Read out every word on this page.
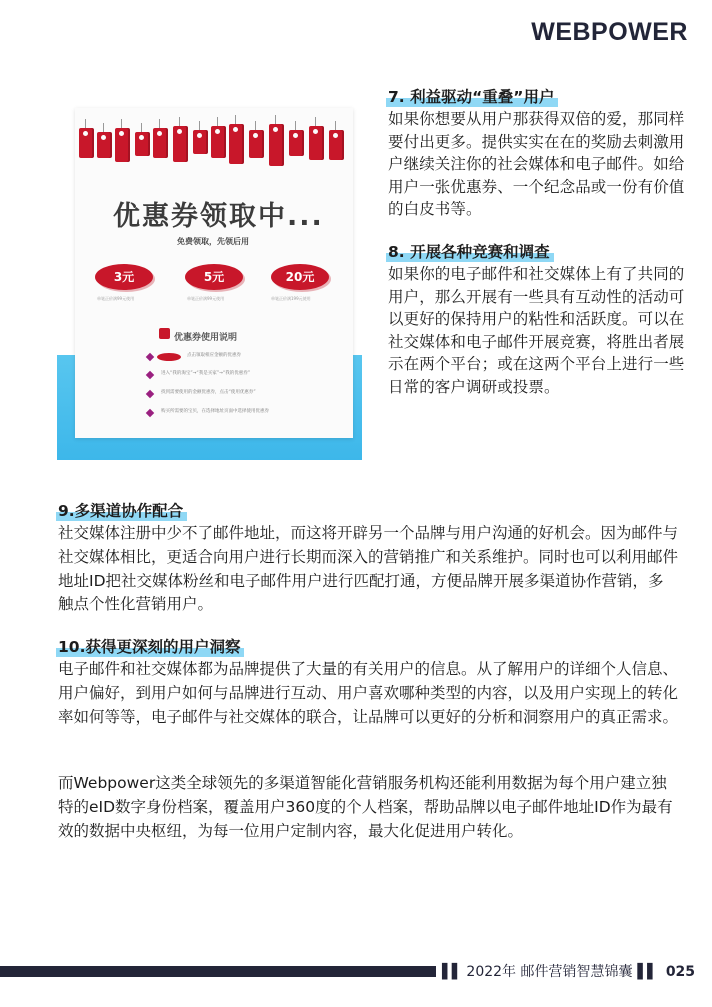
WEBPOWER
优惠券领取中...
免费领取，先领后用
3元
单笔正价满99元使用
5元
单笔正价满99元使用
20元
单笔正价满199元使用
优惠券使用说明
点击领取相应金额的优惠券
进入“我的淘宝”→“我是买家”→“我的优惠券”
找到需要使用的金额优惠券，点击“使用优惠券”
购买所需要的宝贝，在选择地址页面中选择使用优惠券
7. 利益驱动“重叠”用户

如果你想要从用户那获得双倍的爱，那同样要付出更多。提供实实在在的奖励去刺激用户继续关注你的社会媒体和电子邮件。如给用户一张优惠券、一个纪念品或一份有价值的白皮书等。

8. 开展各种竞赛和调查

如果你的电子邮件和社交媒体上有了共同的用户，那么开展有一些具有互动性的活动可以更好的保持用户的粘性和活跃度。可以在社交媒体和电子邮件开展竞赛，将胜出者展示在两个平台；或在这两个平台上进行一些日常的客户调研或投票。

9.多渠道协作配合

社交媒体注册中少不了邮件地址，而这将开辟另一个品牌与用户沟通的好机会。因为邮件与社交媒体相比，更适合向用户进行长期而深入的营销推广和关系维护。同时也可以利用邮件地址ID把社交媒体粉丝和电子邮件用户进行匹配打通，方便品牌开展多渠道协作营销，多触点个性化营销用户。

10.获得更深刻的用户洞察

电子邮件和社交媒体都为品牌提供了大量的有关用户的信息。从了解用户的详细个人信息、用户偏好，到用户如何与品牌进行互动、用户喜欢哪种类型的内容，以及用户实现上的转化率如何等等，电子邮件与社交媒体的联合，让品牌可以更好的分析和洞察用户的真正需求。

而Webpower这类全球领先的多渠道智能化营销服务机构还能利用数据为每个用户建立独特的eID数字身份档案，覆盖用户360度的个人档案，帮助品牌以电子邮件地址ID作为最有效的数据中央枢纽，为每一位用户定制内容，最大化促进用户转化。

▌▌ 2022年 邮件营销智慧锦囊 ▌▌ 025
